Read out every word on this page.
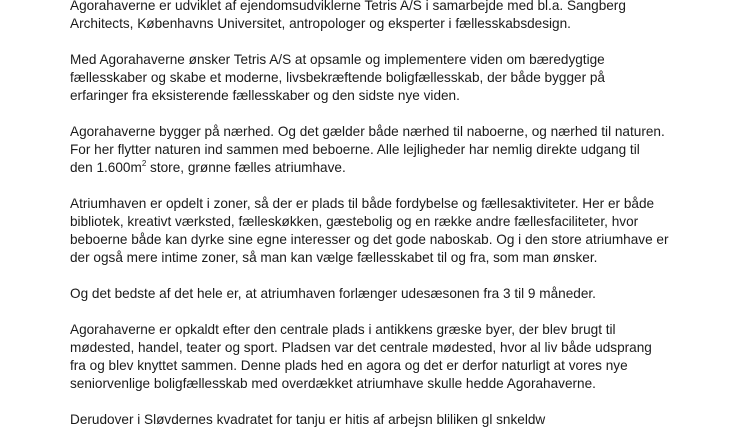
Agorahaverne er udviklet af ejendomsudviklerne Tetris A/S i samarbejde med bl.a. Sangberg
Architects, Københavns Universitet, antropologer og eksperter i fællesskabsdesign.

Med Agorahaverne ønsker Tetris A/S at opsamle og implementere viden om bæredygtige
fællesskaber og skabe et moderne, livsbekræftende boligfællesskab, der både bygger på
erfaringer fra eksisterende fællesskaber og den sidste nye viden.

Agorahaverne bygger på nærhed. Og det gælder både nærhed til naboerne, og nærhed til naturen.
For her flytter naturen ind sammen med beboerne. Alle lejligheder har nemlig direkte udgang til
den $1.600m^2$ store, grønne fælles atriumhave.

Atriumhaven er opdelt i zoner, så der er plads til både fordybelse og fællesaktiviteter. Her er både
bibliotek, kreativt værksted, fælleskøkken, gæstebolig og en række andre fællesfaciliteter, hvor
beboerne både kan dyrke sine egne interesser og det gode naboskab. Og i den store atriumhave er
der også mere intime zoner, så man kan vælge fællesskabet til og fra, som man ønsker.

Og det bedste af det hele er, at atriumhaven forlænger udesæsonen fra 3 til 9 måneder.

Agorahaverne er opkaldt efter den centrale plads i antikkens græske byer, der blev brugt til
mødested, handel, teater og sport. Pladsen var det centrale mødested, hvor al liv både udsprang
fra og blev knyttet sammen. Denne plads hed en agora og det er derfor naturligt at vores nye
seniorvenlige boligfællesskab med overdækket atriumhave skulle hedde Agorahaverne.

Derudover i Sløvdernes kvadratet for tanju er hitis af arbejsn bliliken gl snkeldw
